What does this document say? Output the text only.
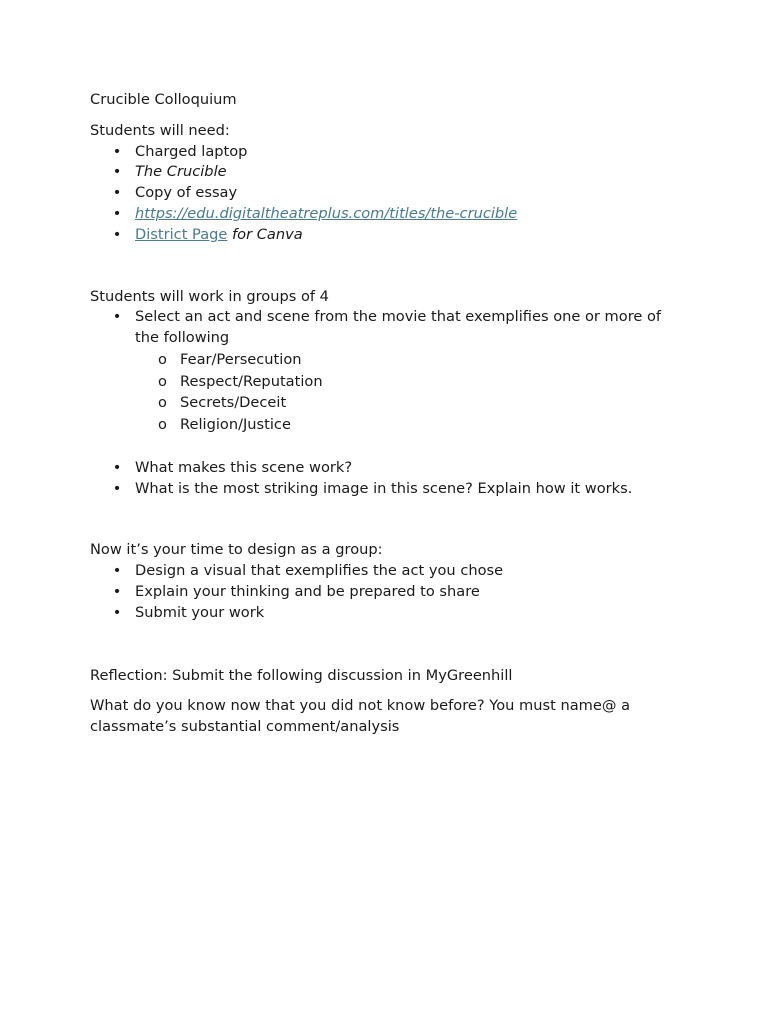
Crucible Colloquium
Students will need:
• Charged laptop
• The Crucible
• Copy of essay
• https://edu.digitaltheatreplus.com/titles/the-crucible
• District Page for Canva
Students will work in groups of 4
• Select an act and scene from the movie that exemplifies one or more of the following
o Fear/Persecution
o Respect/Reputation
o Secrets/Deceit
o Religion/Justice
• What makes this scene work?
• What is the most striking image in this scene? Explain how it works.
Now it’s your time to design as a group:
• Design a visual that exemplifies the act you chose
• Explain your thinking and be prepared to share
• Submit your work
Reflection: Submit the following discussion in MyGreenhill
What do you know now that you did not know before? You must name@ a classmate’s substantial comment/analysis
